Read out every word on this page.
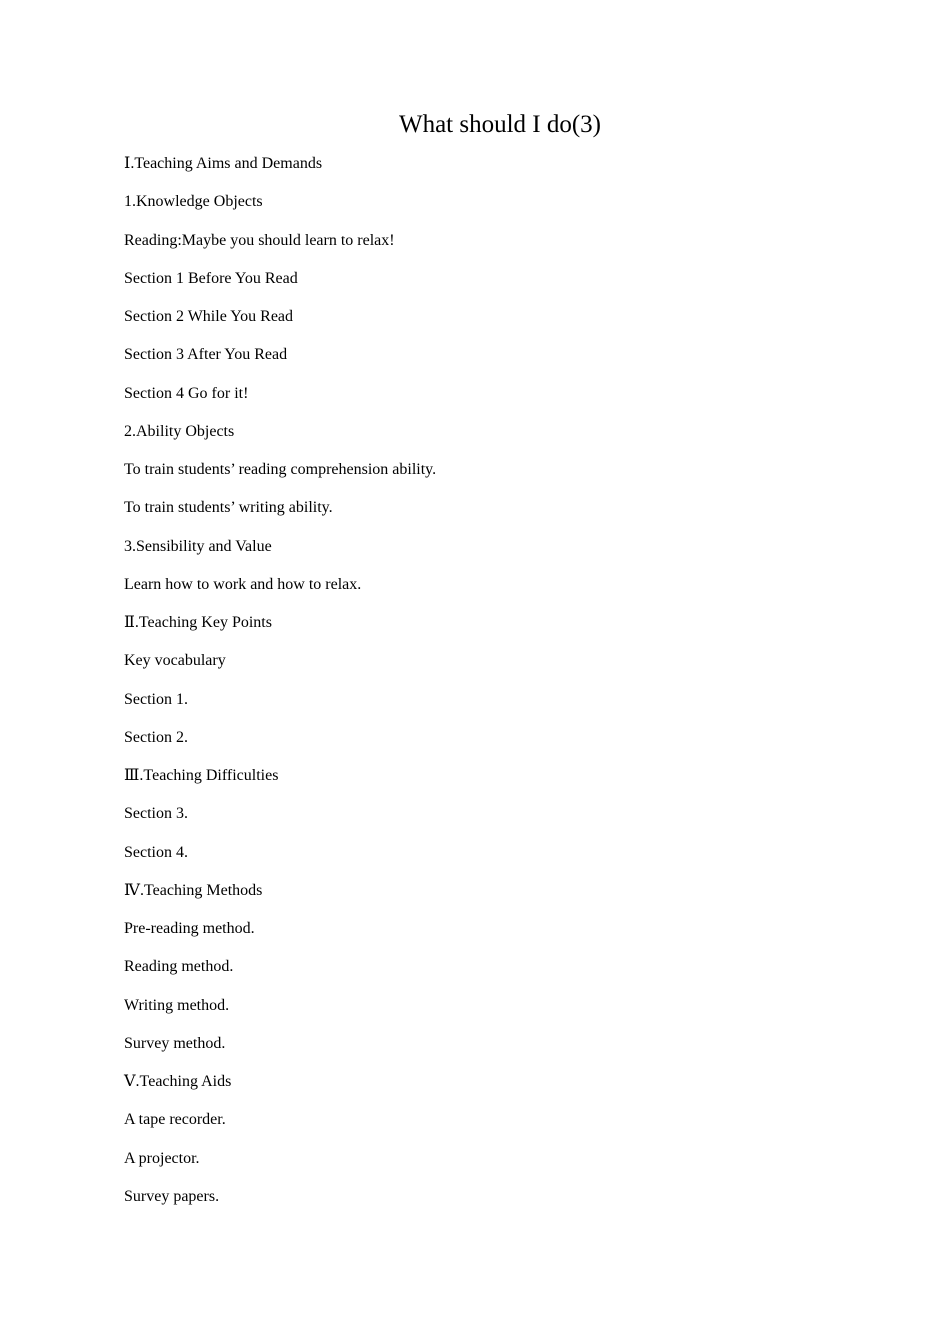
What should I do(3)
Ⅰ.Teaching Aims and Demands
1.Knowledge Objects
Reading:Maybe you should learn to relax!
Section 1 Before You Read
Section 2 While You Read
Section 3 After You Read
Section 4 Go for it!
2.Ability Objects
To train students’ reading comprehension ability.
To train students’ writing ability.
3.Sensibility and Value
Learn how to work and how to relax.
Ⅱ.Teaching Key Points
Key vocabulary
Section 1.
Section 2.
Ⅲ.Teaching Difficulties
Section 3.
Section 4.
Ⅳ.Teaching Methods
Pre-reading method.
Reading method.
Writing method.
Survey method.
Ⅴ.Teaching Aids
A tape recorder.
A projector.
Survey papers.
